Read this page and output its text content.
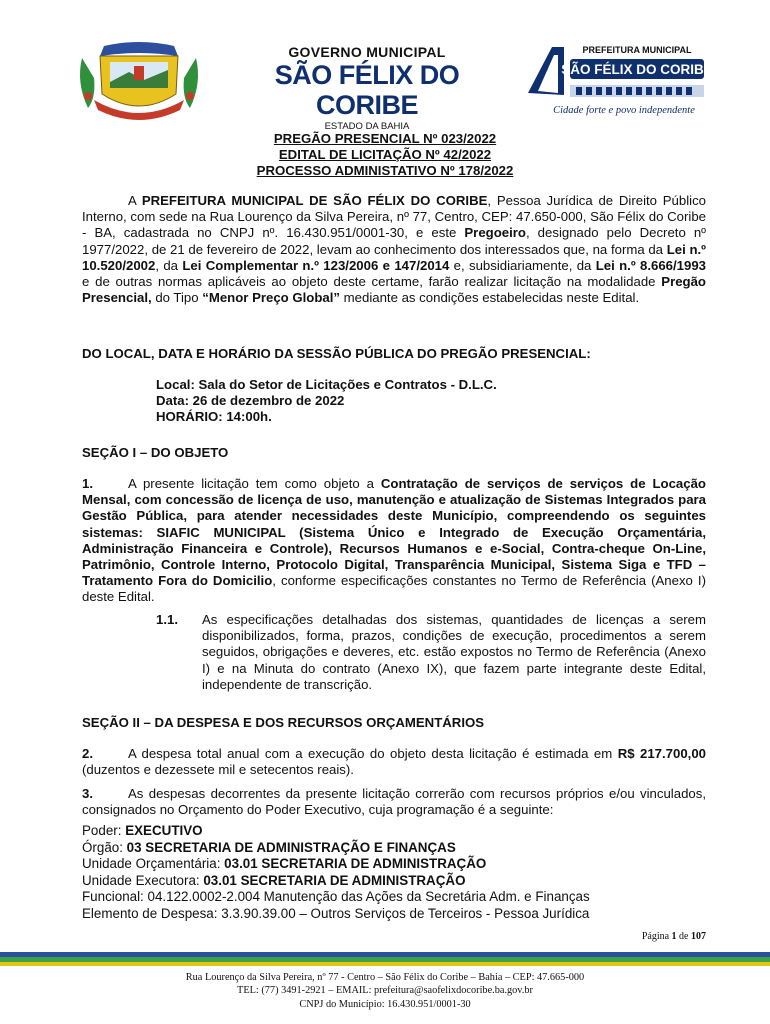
GOVERNO MUNICIPAL
SÃO FÉLIX DO CORIBE
ESTADO DA BAHIA
PREFEITURA MUNICIPAL
SÃO FÉLIX DO CORIBE
Cidade forte e povo independente
PREGÃO PRESENCIAL Nº 023/2022
EDITAL DE LICITAÇÃO Nº 42/2022
PROCESSO ADMINISTATIVO Nº 178/2022
A PREFEITURA MUNICIPAL DE SÃO FÉLIX DO CORIBE, Pessoa Jurídica de Direito Público Interno, com sede na Rua Lourenço da Silva Pereira, nº 77, Centro, CEP: 47.650-000, São Félix do Coribe - BA, cadastrada no CNPJ nº. 16.430.951/0001-30, e este Pregoeiro, designado pelo Decreto nº 1977/2022, de 21 de fevereiro de 2022, levam ao conhecimento dos interessados que, na forma da Lei n.º 10.520/2002, da Lei Complementar n.º 123/2006 e 147/2014 e, subsidiariamente, da Lei n.º 8.666/1993 e de outras normas aplicáveis ao objeto deste certame, farão realizar licitação na modalidade Pregão Presencial, do Tipo “Menor Preço Global” mediante as condições estabelecidas neste Edital.
DO LOCAL, DATA E HORÁRIO DA SESSÃO PÚBLICA DO PREGÃO PRESENCIAL:
Local: Sala do Setor de Licitações e Contratos - D.L.C.
Data: 26 de dezembro de 2022
HORÁRIO: 14:00h.
SEÇÃO I – DO OBJETO
1.	A presente licitação tem como objeto a Contratação de serviços de serviços de Locação Mensal, com concessão de licença de uso, manutenção e atualização de Sistemas Integrados para Gestão Pública, para atender necessidades deste Município, compreendendo os seguintes sistemas: SIAFIC MUNICIPAL (Sistema Único e Integrado de Execução Orçamentária, Administração Financeira e Controle), Recursos Humanos e e-Social, Contra-cheque On-Line, Patrimônio, Controle Interno, Protocolo Digital, Transparência Municipal, Sistema Siga e TFD – Tratamento Fora do Domicilio, conforme especificações constantes no Termo de Referência (Anexo I) deste Edital.
1.1. As especificações detalhadas dos sistemas, quantidades de licenças a serem disponibilizados, forma, prazos, condições de execução, procedimentos a serem seguidos, obrigações e deveres, etc. estão expostos no Termo de Referência (Anexo I) e na Minuta do contrato (Anexo IX), que fazem parte integrante deste Edital, independente de transcrição.
SEÇÃO II – DA DESPESA E DOS RECURSOS ORÇAMENTÁRIOS
2.	A despesa total anual com a execução do objeto desta licitação é estimada em R$ 217.700,00 (duzentos e dezessete mil e setecentos reais).
3.	As despesas decorrentes da presente licitação correrão com recursos próprios e/ou vinculados, consignados no Orçamento do Poder Executivo, cuja programação é a seguinte:
Poder: EXECUTIVO
Órgão: 03 SECRETARIA DE ADMINISTRAÇÃO E FINANÇAS
Unidade Orçamentária: 03.01 SECRETARIA DE ADMINISTRAÇÃO
Unidade Executora: 03.01 SECRETARIA DE ADMINISTRAÇÃO
Funcional: 04.122.0002-2.004 Manutenção das Ações da Secretária Adm. e Finanças
Elemento de Despesa: 3.3.90.39.00 – Outros Serviços de Terceiros - Pessoa Jurídica
Página 1 de 107
Rua Lourenço da Silva Pereira, nº 77 - Centro – São Félix do Coribe – Bahia – CEP: 47.665-000
TEL: (77) 3491-2921 – EMAIL: prefeitura@saofelixdocoribe.ba.gov.br
CNPJ do Município: 16.430.951/0001-30
